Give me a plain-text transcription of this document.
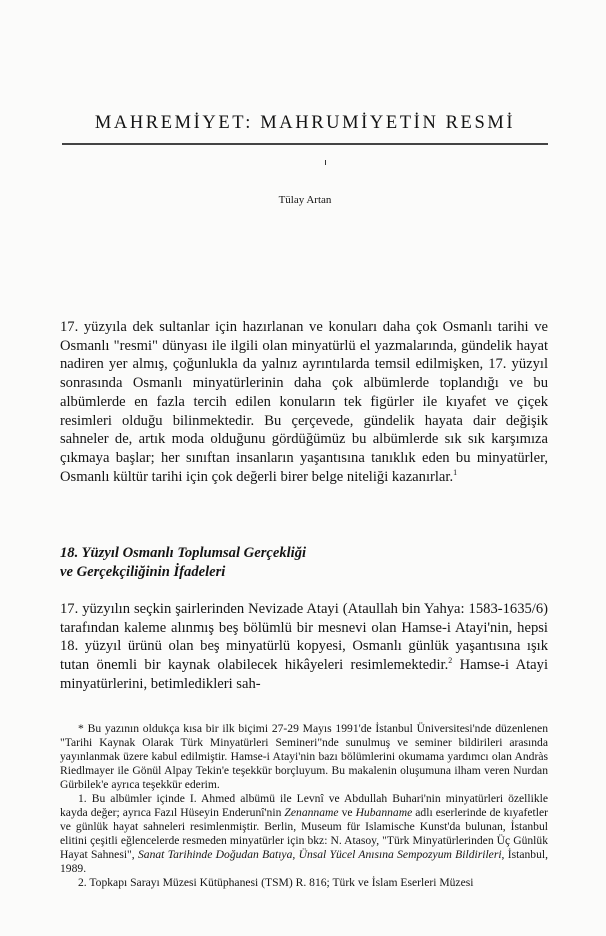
MAHREMİYET: MAHRUMİYETİN RESMİ
Tülay Artan

17. yüzyıla dek sultanlar için hazırlanan ve konuları daha çok Osmanlı tarihi ve Osmanlı "resmi" dünyası ile ilgili olan minyatürlü el yazmalarında, gündelik hayat nadiren yer almış, çoğunlukla da yalnız ayrıntılarda temsil edilmişken, 17. yüzyıl sonrasında Osmanlı minyatürlerinin daha çok albümlerde toplandığı ve bu albümlerde en fazla tercih edilen konuların tek figürler ile kıyafet ve çiçek resimleri olduğu bilinmektedir. Bu çerçevede, gündelik hayata dair değişik sahneler de, artık moda olduğunu gördüğümüz bu albümlerde sık sık karşımıza çıkmaya başlar; her sınıftan insanların yaşantısına tanıklık eden bu minyatürler, Osmanlı kültür tarihi için çok değerli birer belge niteliği kazanırlar.$^1$

18. Yüzyıl Osmanlı Toplumsal Gerçekliği
ve Gerçekçiliğinin İfadeleri

17. yüzyılın seçkin şairlerinden Nevizade Atayi (Ataullah bin Yahya: 1583-1635/6) tarafından kaleme alınmış beş bölümlü bir mesnevi olan Hamse-i Atayi'nin, hepsi 18. yüzyıl ürünü olan beş minyatürlü kopyesi, Osmanlı günlük yaşantısına ışık tutan önemli bir kaynak olabilecek hikâyeleri resimlemektedir.$^2$ Hamse-i Atayi minyatürlerini, betimledikleri sah-

* Bu yazının oldukça kısa bir ilk biçimi 27-29 Mayıs 1991'de İstanbul Üniversitesi'nde düzenlenen "Tarihi Kaynak Olarak Türk Minyatürleri Semineri"nde sunulmuş ve seminer bildirileri arasında yayınlanmak üzere kabul edilmiştir. Hamse-i Atayi'nin bazı bölümlerini okumama yardımcı olan Andràs Riedlmayer ile Gönül Alpay Tekin'e teşekkür borçluyum. Bu makalenin oluşumuna ilham veren Nurdan Gürbilek'e ayrıca teşekkür ederim.

1. Bu albümler içinde I. Ahmed albümü ile Levnî ve Abdullah Buhari'nin minyatürleri özellikle kayda değer; ayrıca Fazıl Hüseyin Enderunî'nin Zenanname ve Hubanname adlı eserlerinde de kıyafetler ve günlük hayat sahneleri resimlenmiştir. Berlin, Museum für Islamische Kunst'da bulunan, İstanbul elitini çeşitli eğlencelerde resmeden minyatürler için bkz: N. Atasoy, "Türk Minyatürlerinden Üç Günlük Hayat Sahnesi", Sanat Tarihinde Doğudan Batıya, Ünsal Yücel Anısına Sempozyum Bildirileri, İstanbul, 1989.

2. Topkapı Sarayı Müzesi Kütüphanesi (TSM) R. 816; Türk ve İslam Eserleri Müzesi
